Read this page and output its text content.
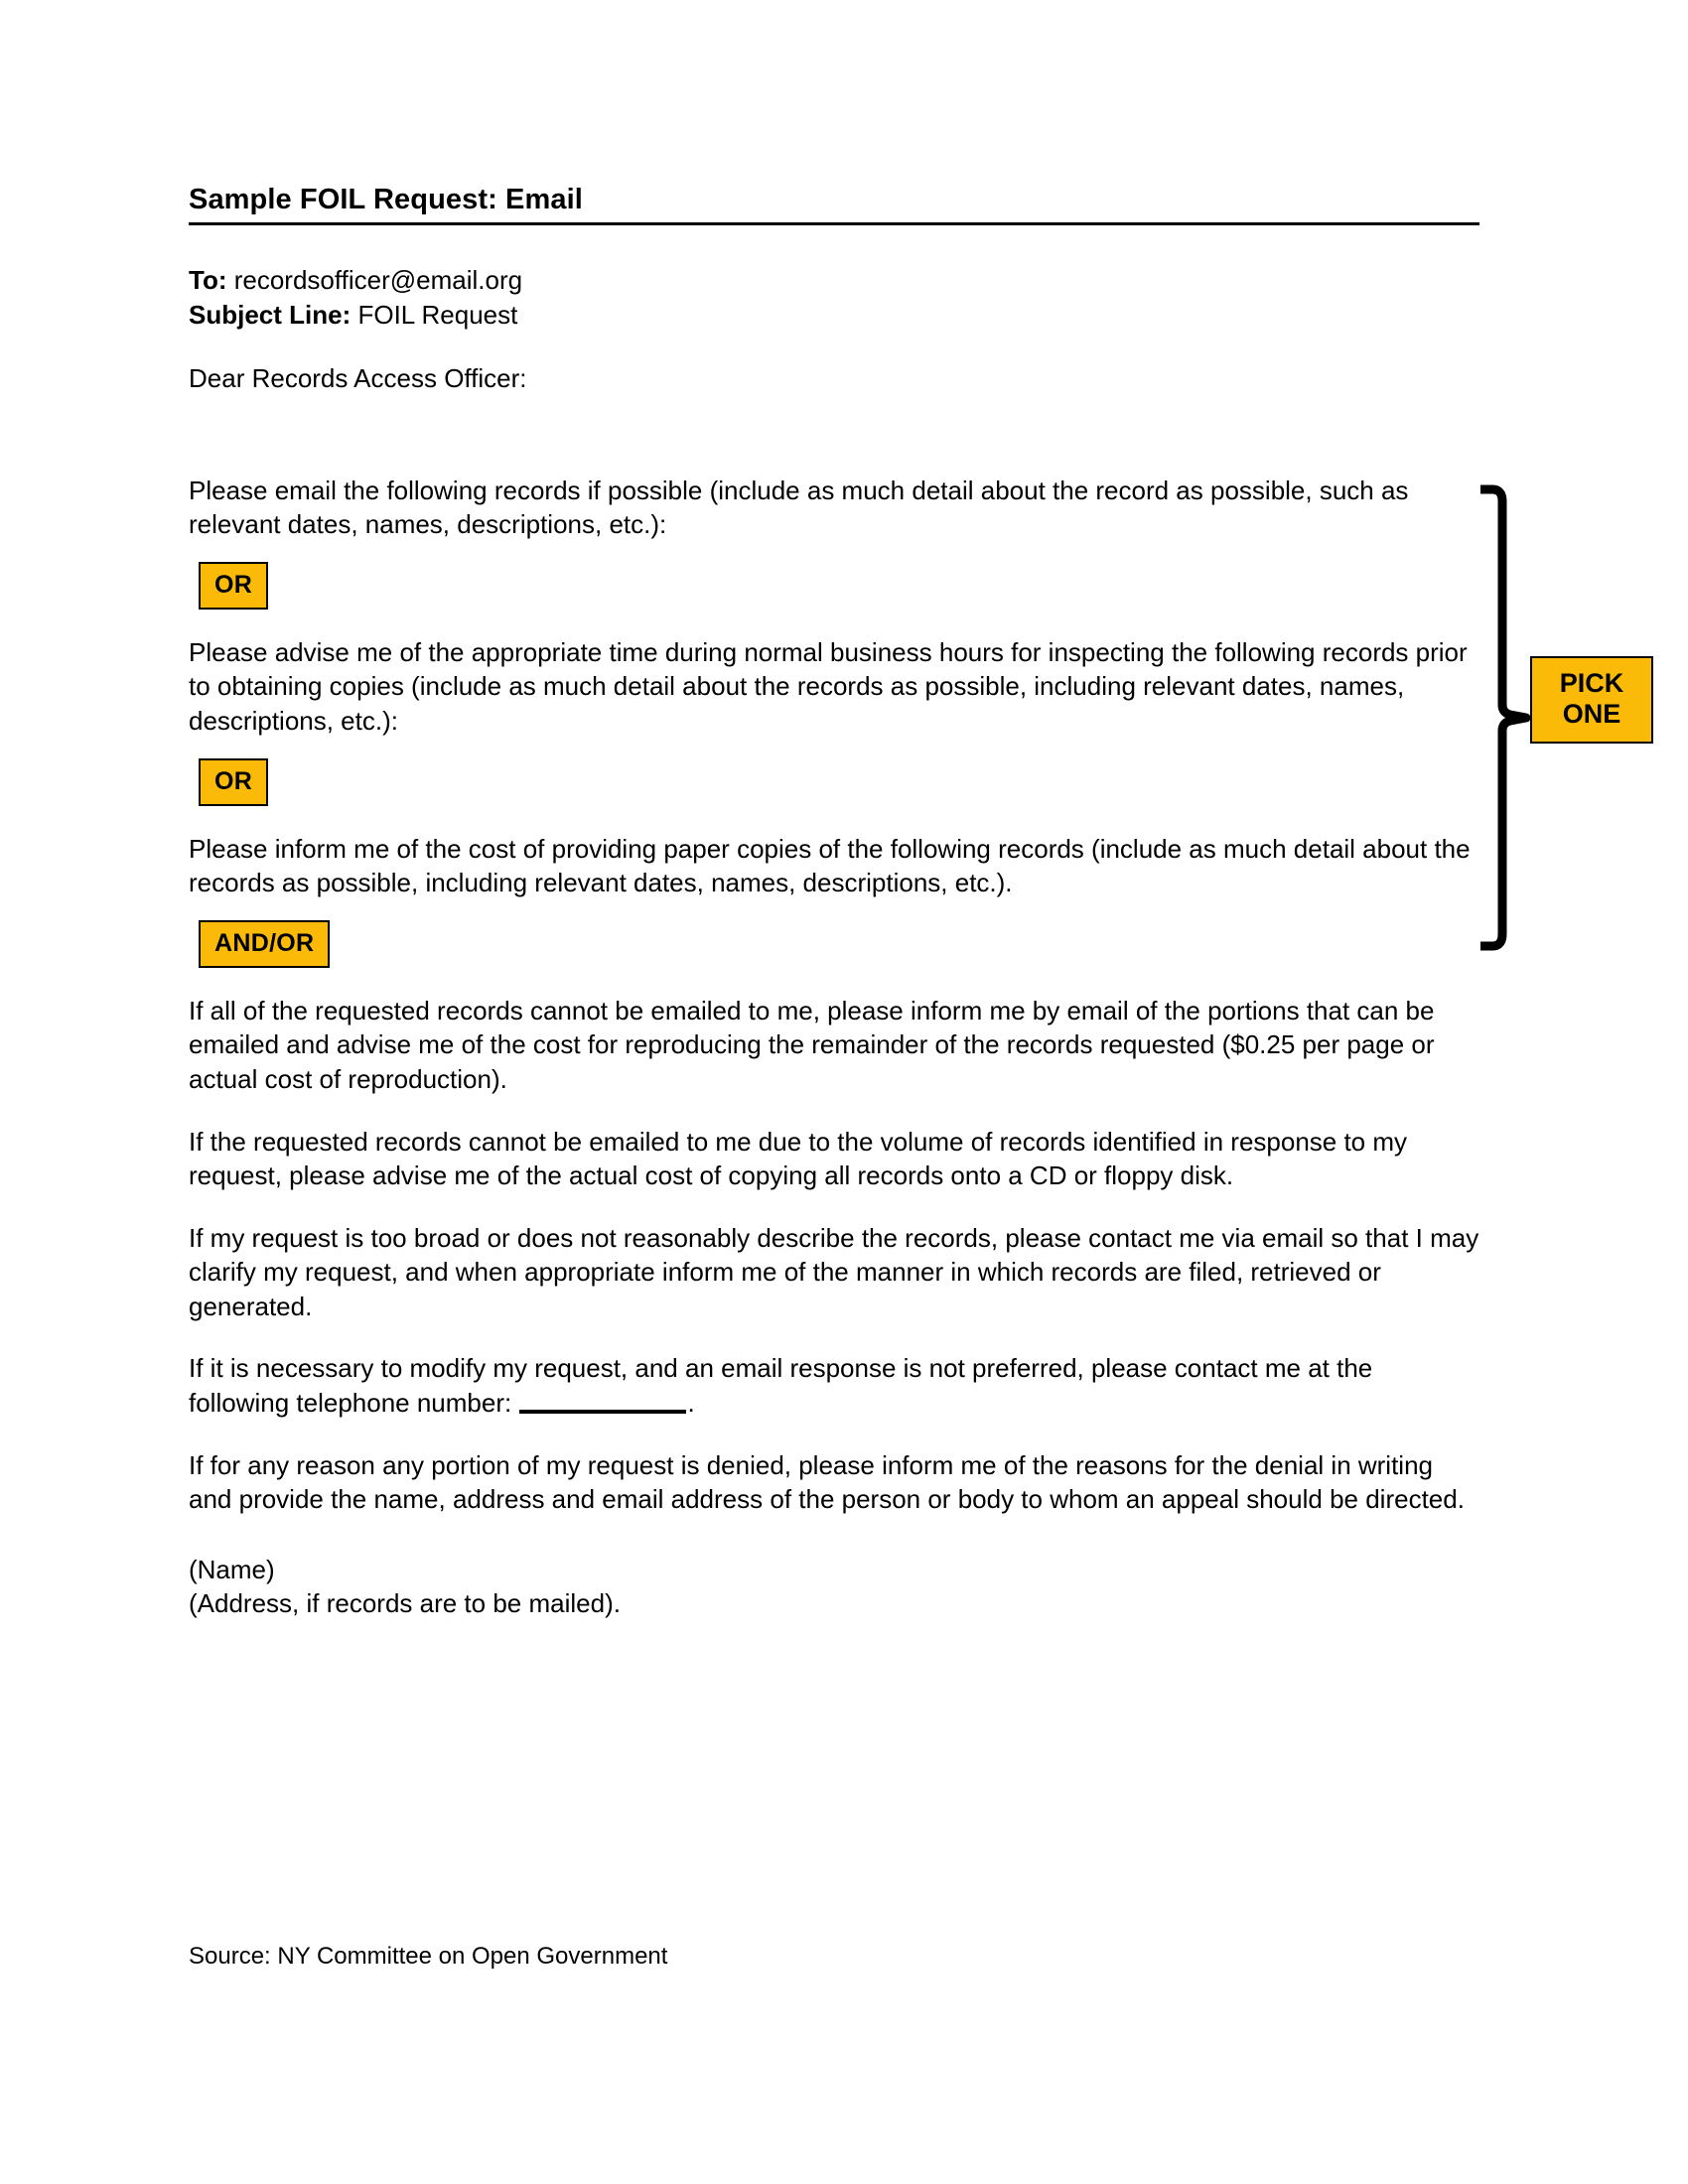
Sample FOIL Request: Email
To: recordsofficer@email.org
Subject Line: FOIL Request
Dear Records Access Officer:

Please email the following records if possible (include as much detail about the record as possible, such as relevant dates, names, descriptions, etc.):

OR

Please advise me of the appropriate time during normal business hours for inspecting the following records prior to obtaining copies (include as much detail about the records as possible, including relevant dates, names, descriptions, etc.):

OR

Please inform me of the cost of providing paper copies of the following records (include as much detail about the records as possible, including relevant dates, names, descriptions, etc.).

AND/OR

If all of the requested records cannot be emailed to me, please inform me by email of the portions that can be emailed and advise me of the cost for reproducing the remainder of the records requested ($0.25 per page or actual cost of reproduction).

If the requested records cannot be emailed to me due to the volume of records identified in response to my request, please advise me of the actual cost of copying all records onto a CD or floppy disk.

If my request is too broad or does not reasonably describe the records, please contact me via email so that I may clarify my request, and when appropriate inform me of the manner in which records are filed, retrieved or generated.

If it is necessary to modify my request, and an email response is not preferred, please contact me at the following telephone number:	.

If for any reason any portion of my request is denied, please inform me of the reasons for the denial in writing and provide the name, address and email address of the person or body to whom an appeal should be directed.

(Name)
(Address, if records are to be mailed).
PICK
ONE
Source: NY Committee on Open Government
